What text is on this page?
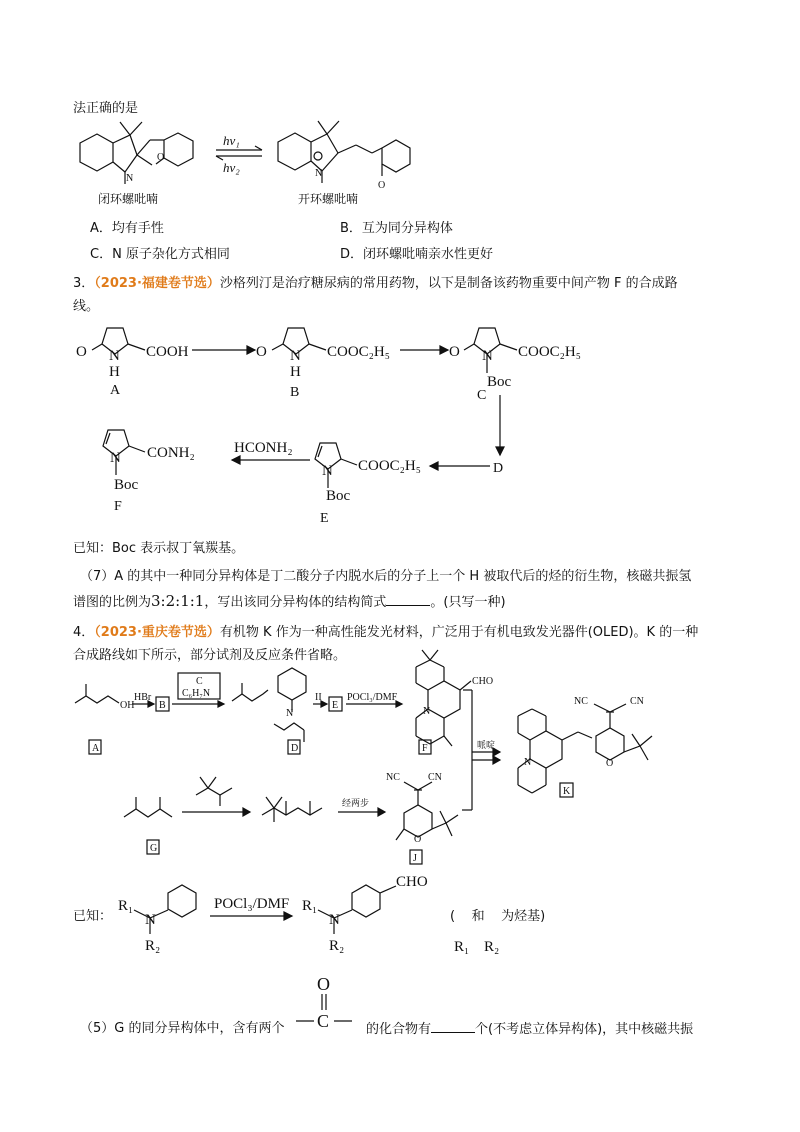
法正确的是
N
O
N
O
hv₁
hv₂
闭环螺吡喃	开环螺吡喃
O N
H
COOH
A
O N
H
COOC₂H₅
B
O N COOC₂H₅
Boc
C
D
N COOC₂H₅
Boc
E
HCONH₂
N CONH₂
Boc
F
OH
HBr
B
C
C₆H₇N
N
II
E
POCl₃/DMF
CHO
N
A	D	F	哌啶
N	O
NC	CN
K
G
经两步
NC	CN
O
J
R₁
N
R₂
POCl₃/DMF R₁
N
R₂
CHO
R₁ R₂
O
C
A．均有手性	B．互为同分异构体
C．N 原子杂化方式相同	D．闭环螺吡喃亲水性更好
3．（2023·福建卷节选）沙格列汀是治疗糖尿病的常用药物，以下是制备该药物重要中间产物 F 的合成路
线。
已知：Boc 表示叔丁氧羰基。
（7）A 的其中一种同分异构体是丁二酸分子内脱水后的分子上一个 H 被取代后的烃的衍生物，核磁共振氢
谱图的比例为3:2:1:1，写出该同分异构体的结构简式	。(只写一种)
4．（2023·重庆卷节选）有机物 K 作为一种高性能发光材料，广泛用于有机电致发光器件(OLED)。K 的一种
合成路线如下所示，部分试剂及反应条件省略。
已知：	( 和 为烃基)
（5）G 的同分异构体中，含有两个	的化合物有	个(不考虑立体异构体)，其中核磁共振
